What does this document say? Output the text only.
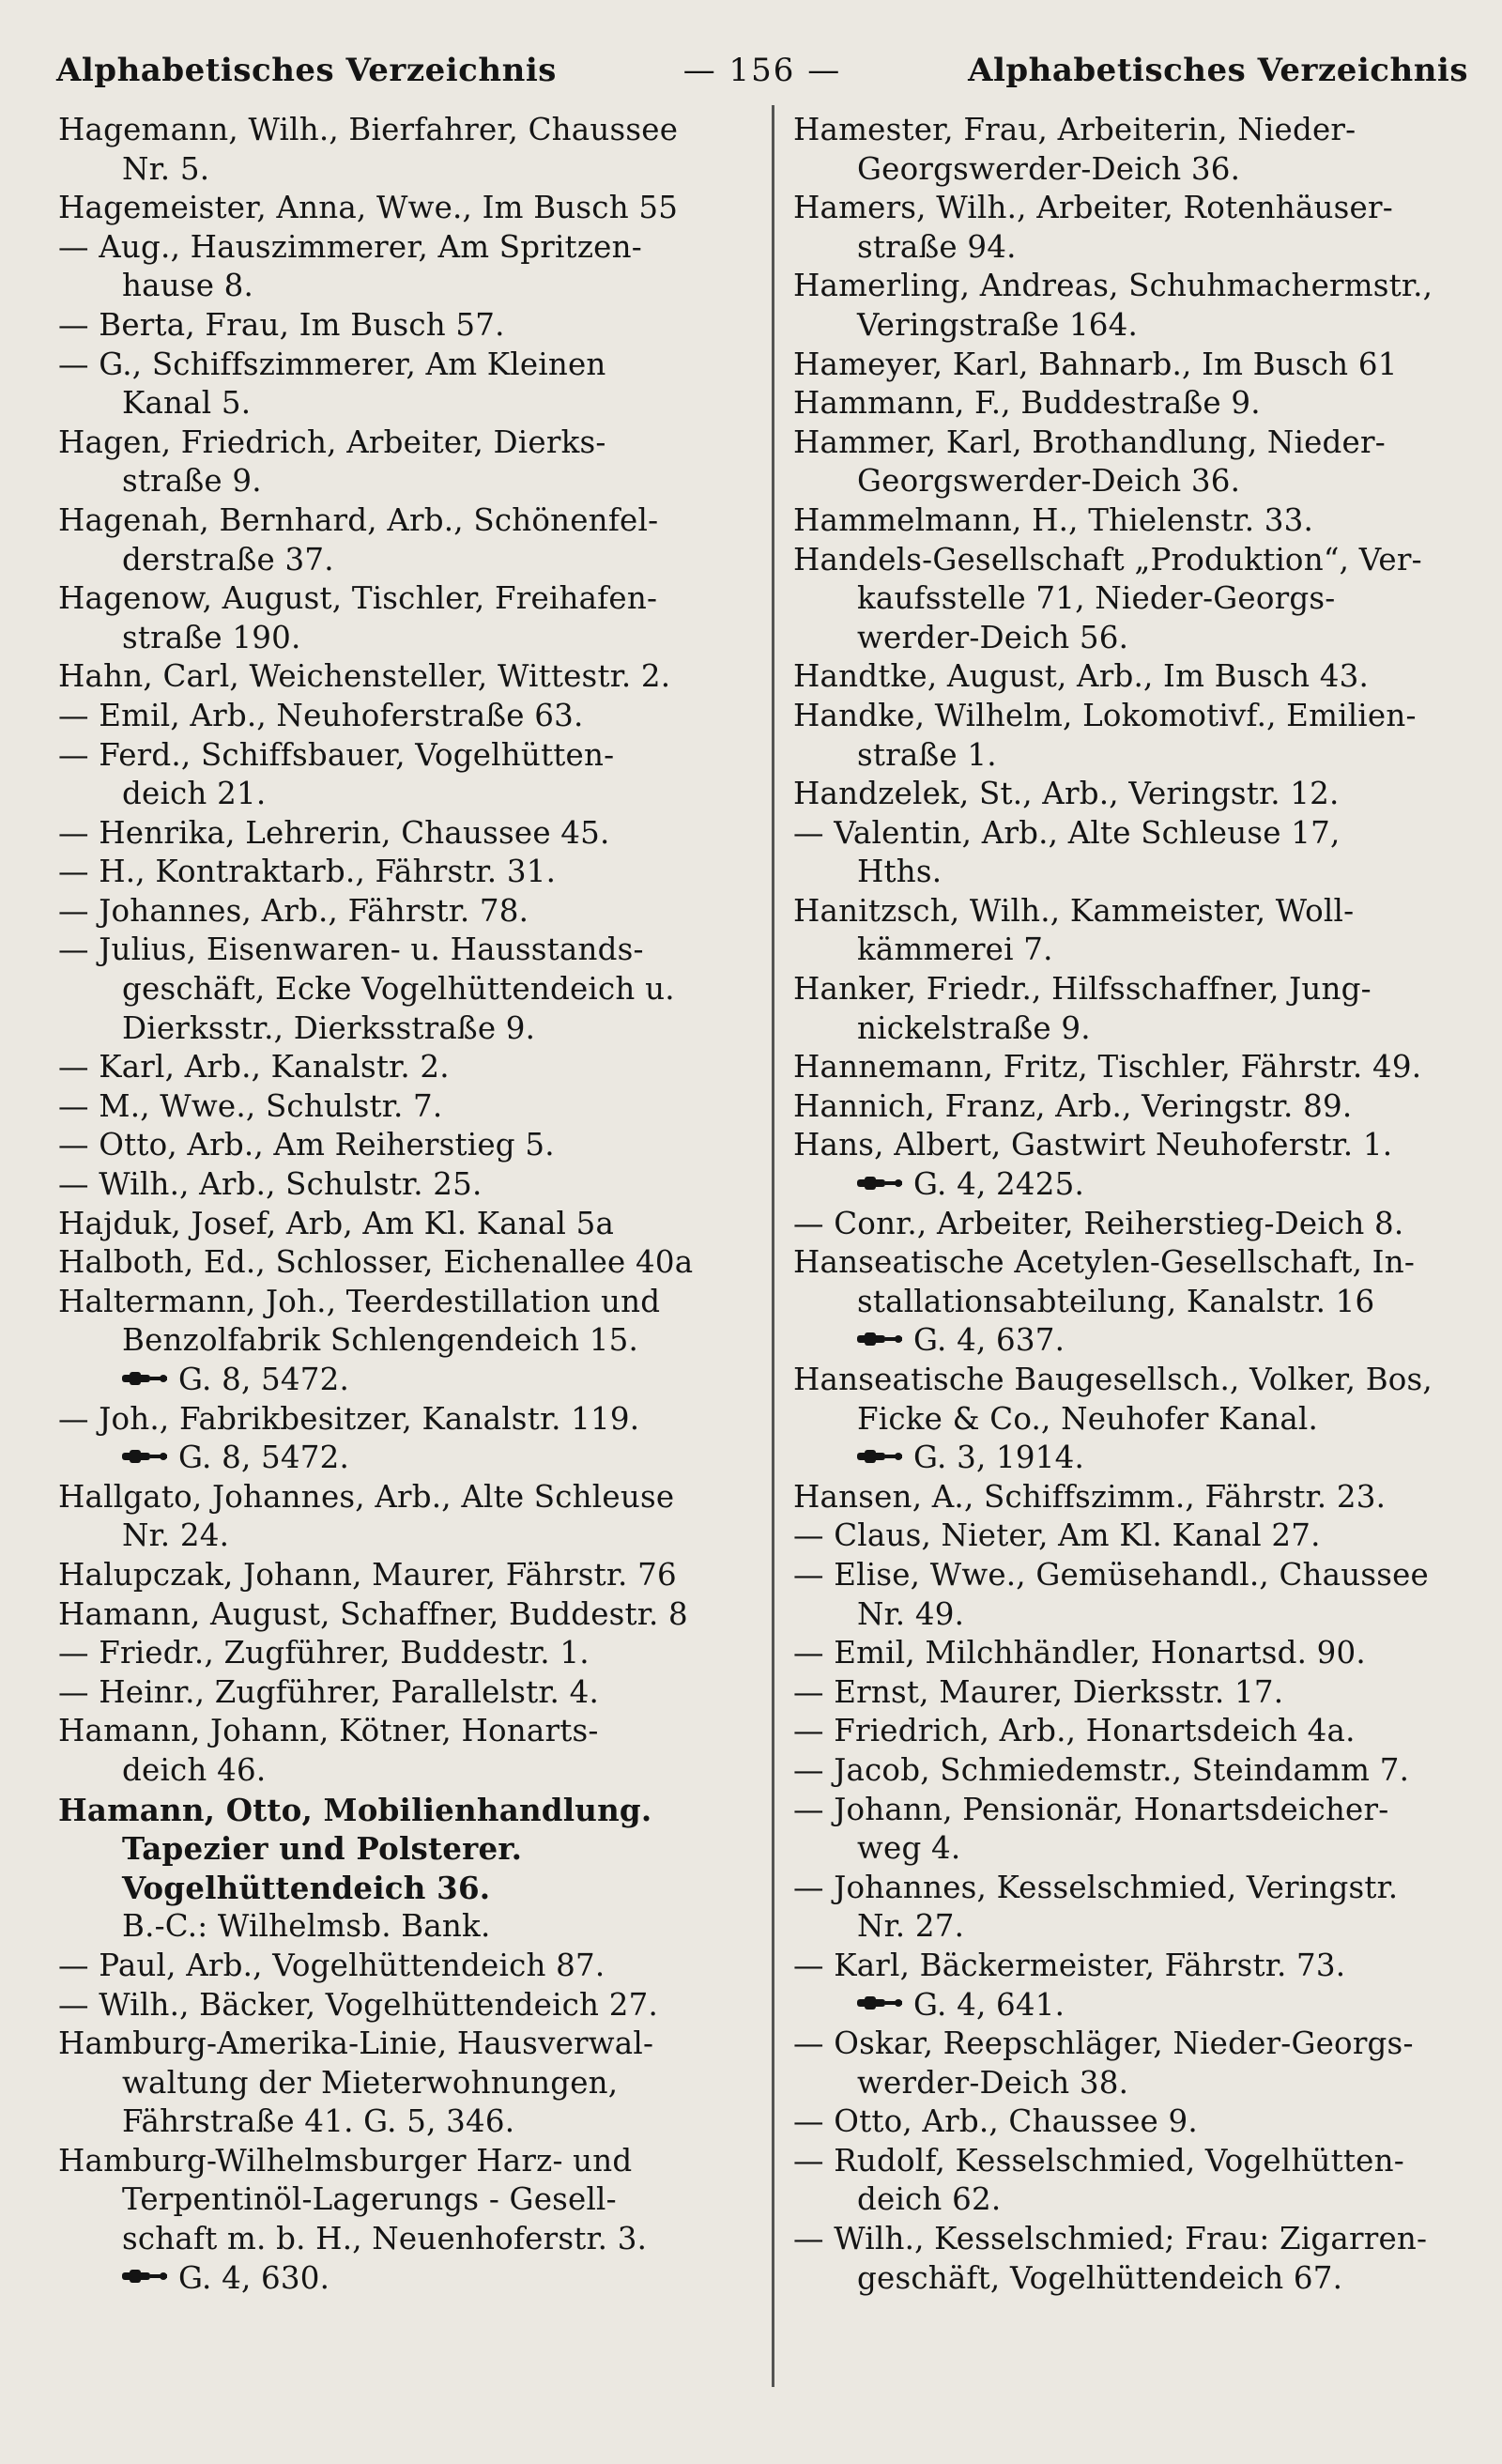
Alphabetisches Verzeichnis	— 156 —	Alphabetisches Verzeichnis
Hagemann, Wilh., Bierfahrer, Chaussee
Nr. 5.
Hagemeister, Anna, Wwe., Im Busch 55
— Aug., Hauszimmerer, Am Spritzen-
hause 8.
— Berta, Frau, Im Busch 57.
— G., Schiffszimmerer, Am Kleinen
Kanal 5.
Hagen, Friedrich, Arbeiter, Dierks-
straße 9.
Hagenah, Bernhard, Arb., Schönenfel-
derstraße 37.
Hagenow, August, Tischler, Freihafen-
straße 190.
Hahn, Carl, Weichensteller, Wittestr. 2.
— Emil, Arb., Neuhoferstraße 63.
— Ferd., Schiffsbauer, Vogelhütten-
deich 21.
— Henrika, Lehrerin, Chaussee 45.
— H., Kontraktarb., Fährstr. 31.
— Johannes, Arb., Fährstr. 78.
— Julius, Eisenwaren- u. Hausstands-
geschäft, Ecke Vogelhüttendeich u.
Dierksstr., Dierksstraße 9.
— Karl, Arb., Kanalstr. 2.
— M., Wwe., Schulstr. 7.
— Otto, Arb., Am Reiherstieg 5.
— Wilh., Arb., Schulstr. 25.
Hajduk, Josef, Arb, Am Kl. Kanal 5a
Halboth, Ed., Schlosser, Eichenallee 40a
Haltermann, Joh., Teerdestillation und
Benzolfabrik Schlengendeich 15.
G. 8, 5472.
— Joh., Fabrikbesitzer, Kanalstr. 119.
G. 8, 5472.
Hallgato, Johannes, Arb., Alte Schleuse
Nr. 24.
Halupczak, Johann, Maurer, Fährstr. 76
Hamann, August, Schaffner, Buddestr. 8
— Friedr., Zugführer, Buddestr. 1.
— Heinr., Zugführer, Parallelstr. 4.
Hamann, Johann, Kötner, Honarts-
deich 46.
Hamann, Otto, Mobilienhandlung.
Tapezier und Polsterer.
Vogelhüttendeich 36.
B.-C.: Wilhelmsb. Bank.
— Paul, Arb., Vogelhüttendeich 87.
— Wilh., Bäcker, Vogelhüttendeich 27.
Hamburg-Amerika-Linie, Hausverwal-
waltung der Mieterwohnungen,
Fährstraße 41. G. 5, 346.
Hamburg-Wilhelmsburger Harz- und
Terpentinöl-Lagerungs - Gesell-
schaft m. b. H., Neuenhoferstr. 3.
G. 4, 630.
Hamester, Frau, Arbeiterin, Nieder-
Georgswerder-Deich 36.
Hamers, Wilh., Arbeiter, Rotenhäuser-
straße 94.
Hamerling, Andreas, Schuhmachermstr.,
Veringstraße 164.
Hameyer, Karl, Bahnarb., Im Busch 61
Hammann, F., Buddestraße 9.
Hammer, Karl, Brothandlung, Nieder-
Georgswerder-Deich 36.
Hammelmann, H., Thielenstr. 33.
Handels-Gesellschaft „Produktion“, Ver-
kaufsstelle 71, Nieder-Georgs-
werder-Deich 56.
Handtke, August, Arb., Im Busch 43.
Handke, Wilhelm, Lokomotivf., Emilien-
straße 1.
Handzelek, St., Arb., Veringstr. 12.
— Valentin, Arb., Alte Schleuse 17,
Hths.
Hanitzsch, Wilh., Kammeister, Woll-
kämmerei 7.
Hanker, Friedr., Hilfsschaffner, Jung-
nickelstraße 9.
Hannemann, Fritz, Tischler, Fährstr. 49.
Hannich, Franz, Arb., Veringstr. 89.
Hans, Albert, Gastwirt Neuhoferstr. 1.
G. 4, 2425.
— Conr., Arbeiter, Reiherstieg-Deich 8.
Hanseatische Acetylen-Gesellschaft, In-
stallationsabteilung, Kanalstr. 16
G. 4, 637.
Hanseatische Baugesellsch., Volker, Bos,
Ficke & Co., Neuhofer Kanal.
G. 3, 1914.
Hansen, A., Schiffszimm., Fährstr. 23.
— Claus, Nieter, Am Kl. Kanal 27.
— Elise, Wwe., Gemüsehandl., Chaussee
Nr. 49.
— Emil, Milchhändler, Honartsd. 90.
— Ernst, Maurer, Dierksstr. 17.
— Friedrich, Arb., Honartsdeich 4a.
— Jacob, Schmiedemstr., Steindamm 7.
— Johann, Pensionär, Honartsdeicher-
weg 4.
— Johannes, Kesselschmied, Veringstr.
Nr. 27.
— Karl, Bäckermeister, Fährstr. 73.
G. 4, 641.
— Oskar, Reepschläger, Nieder-Georgs-
werder-Deich 38.
— Otto, Arb., Chaussee 9.
— Rudolf, Kesselschmied, Vogelhütten-
deich 62.
— Wilh., Kesselschmied; Frau: Zigarren-
geschäft, Vogelhüttendeich 67.
